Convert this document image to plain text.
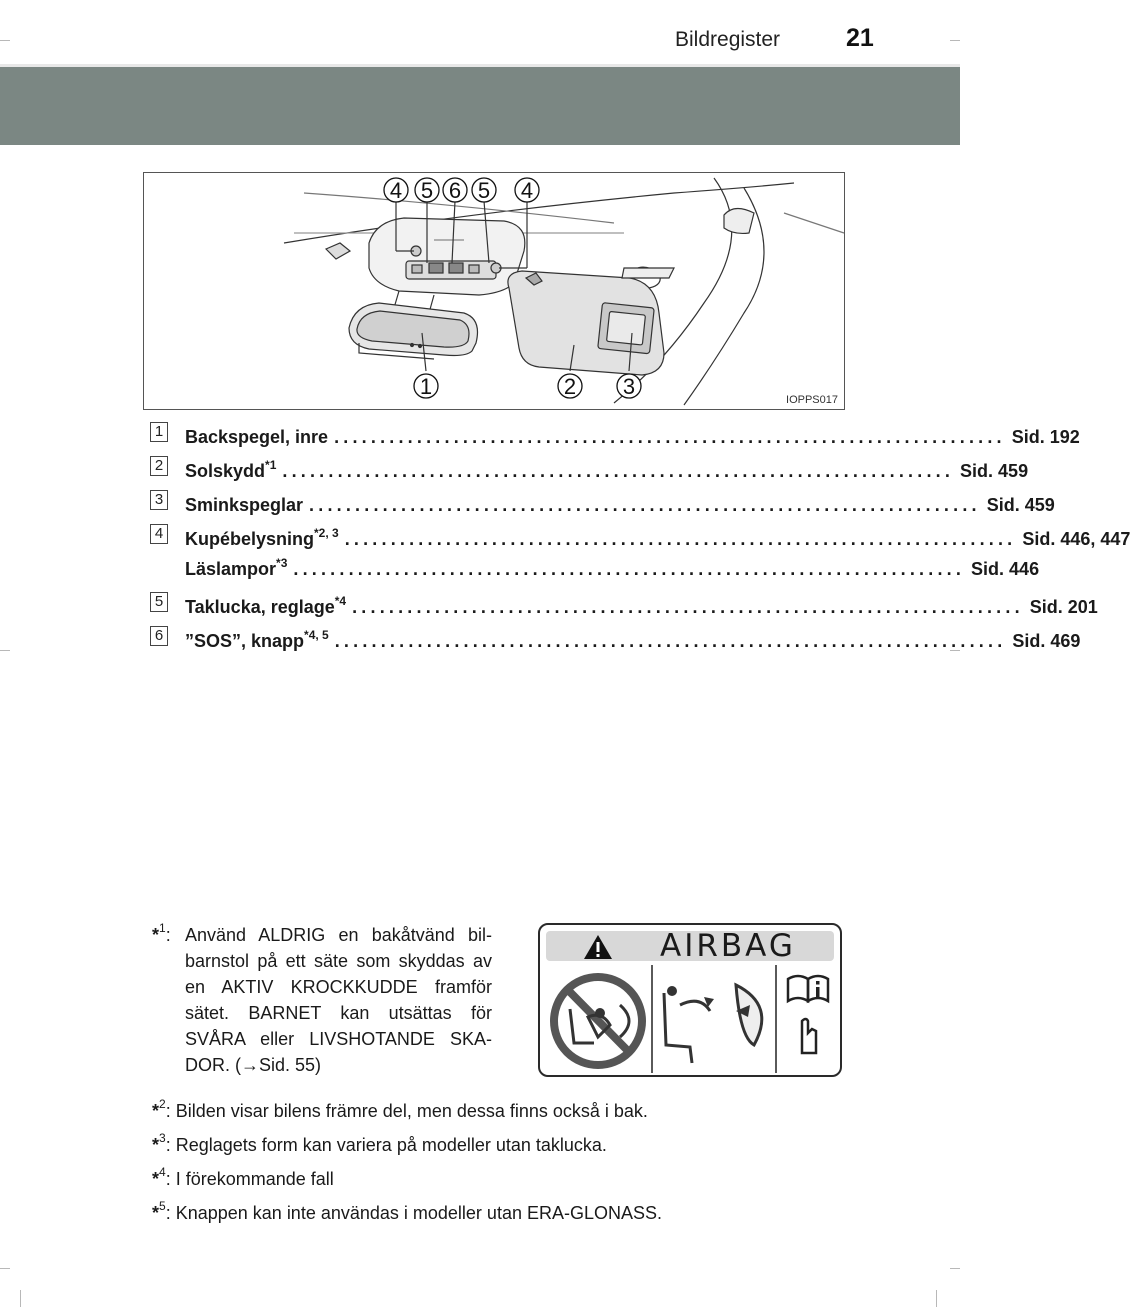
Bildregister	21
4 5 6 5 4
1	2 3
IOPPS017
1 Backspegel, inre ......................................................................... Sid. 192
2 Solskydd$^{*1}$ ......................................................................... Sid. 459
3 Sminkspeglar ......................................................................... Sid. 459
4 Kupébelysning$^{*2, 3}$ ......................................................................... Sid. 446, 447
Läslampor$^{*3}$ ......................................................................... Sid. 446
5 Taklucka, reglage$^{*4}$ ......................................................................... Sid. 201
6 ”SOS”, knapp$^{*4, 5}$ ......................................................................... Sid. 469
*$^1$: Använd ALDRIG en bakåtvänd bil-barnstol på ett säte som skyddas av en AKTIV KROCKKUDDE framför sätet. BARNET kan utsättas för SVÅRA eller LIVSHOTANDE SKA-DOR. (→Sid. 55)
*$^2$: Bilden visar bilens främre del, men dessa finns också i bak.
*$^3$: Reglagets form kan variera på modeller utan taklucka.
*$^4$: I förekommande fall
*$^5$: Knappen kan inte användas i modeller utan ERA-GLONASS.
AIRBAG
